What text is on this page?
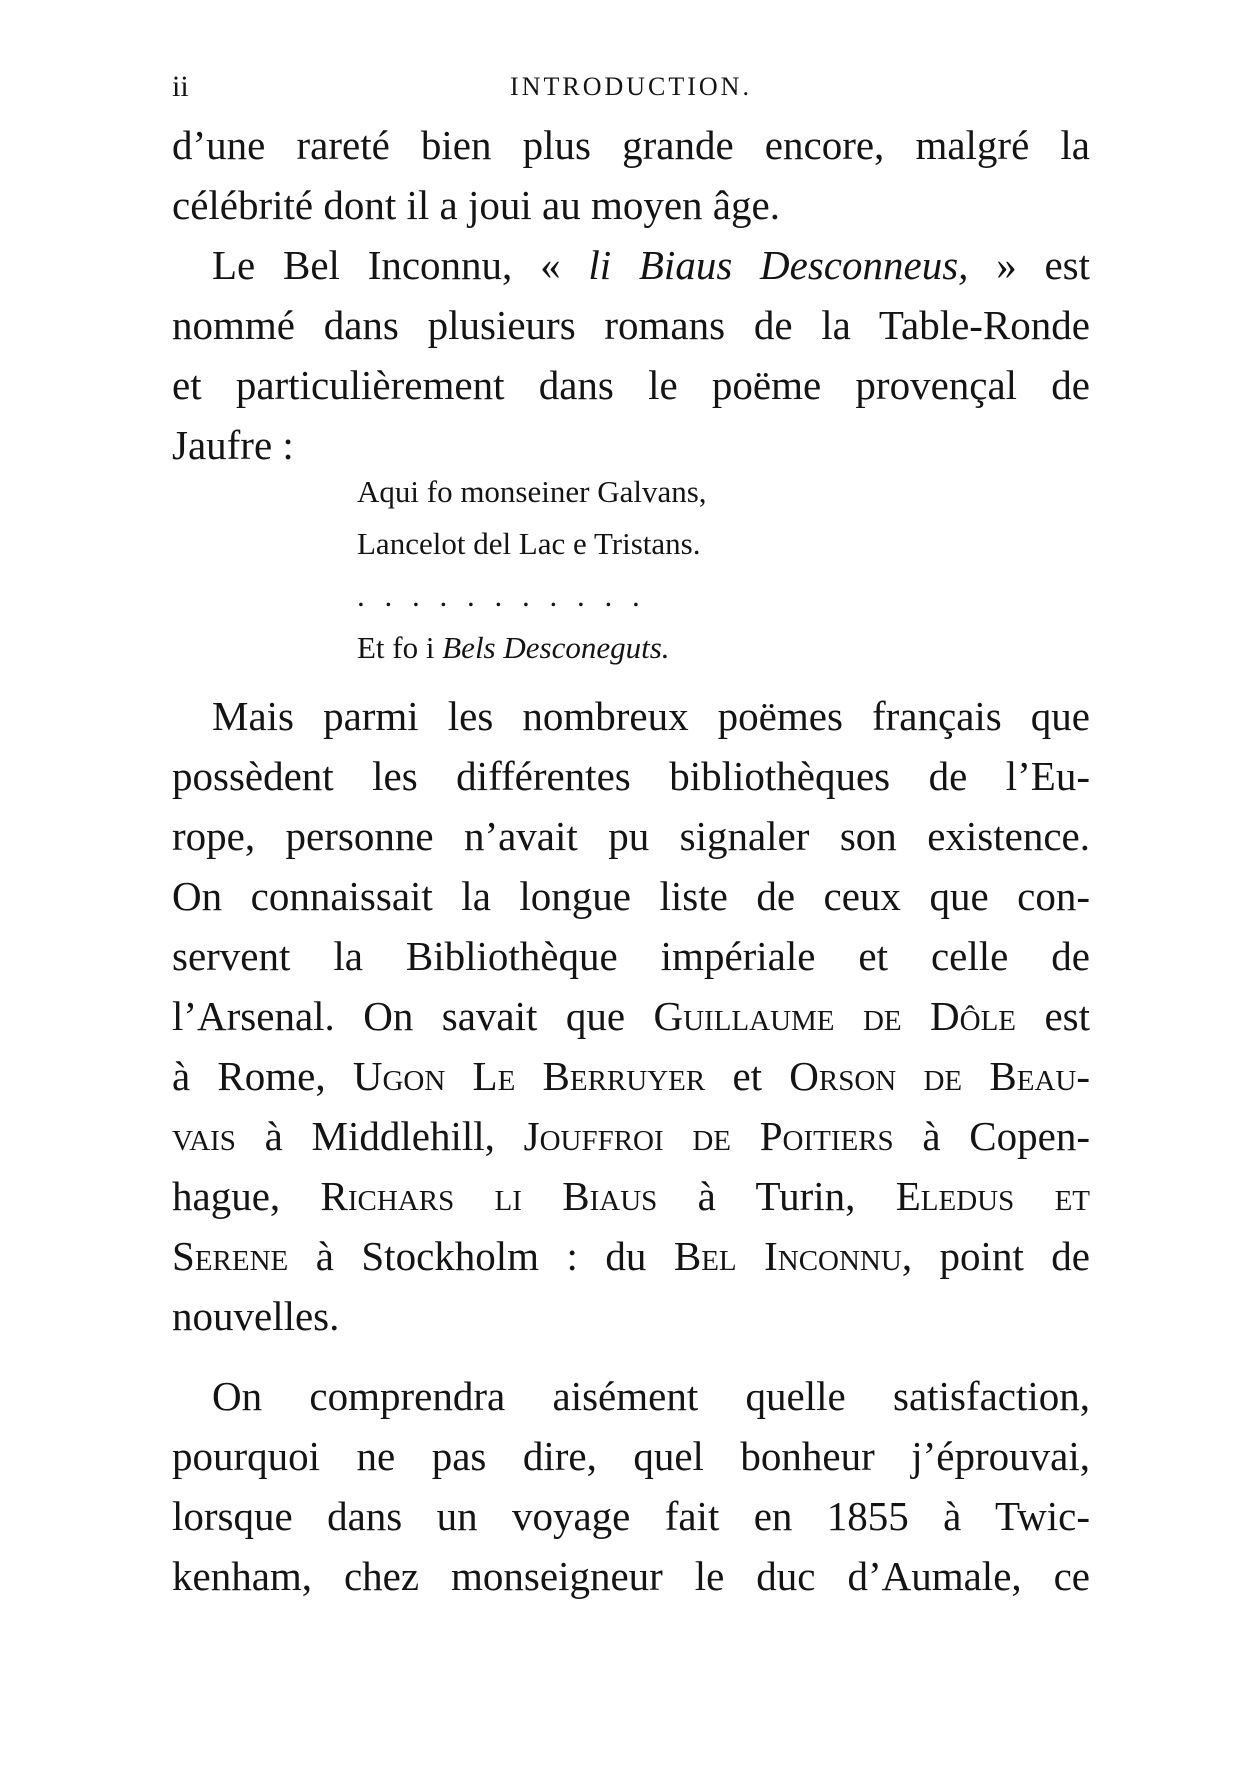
ii	INTRODUCTION.
d’une rareté bien plus grande encore, malgré la
célébrité dont il a joui au moyen âge.
Le Bel Inconnu, « li Biaus Desconneus, » est
nommé dans plusieurs romans de la Table-Ronde
et particulièrement dans le poëme provençal de
Jaufre :
Aqui fo monseiner Galvans,
Lancelot del Lac e Tristans.
. . . . . . . . . . .
Et fo i Bels Desconeguts.
Mais parmi les nombreux poëmes français que
possèdent les différentes bibliothèques de l’Eu-
rope, personne n’avait pu signaler son existence.
On connaissait la longue liste de ceux que con-
servent la Bibliothèque impériale et celle de
l’Arsenal. On savait que Guillaume de Dôle est
à Rome, Ugon Le Berruyer et Orson de Beau-
vais à Middlehill, Jouffroi de Poitiers à Copen-
hague, Richars li Biaus à Turin, Eledus et
Serene à Stockholm : du Bel Inconnu, point de
nouvelles.
On comprendra aisément quelle satisfaction,
pourquoi ne pas dire, quel bonheur j’éprouvai,
lorsque dans un voyage fait en 1855 à Twic-
kenham, chez monseigneur le duc d’Aumale, ce
